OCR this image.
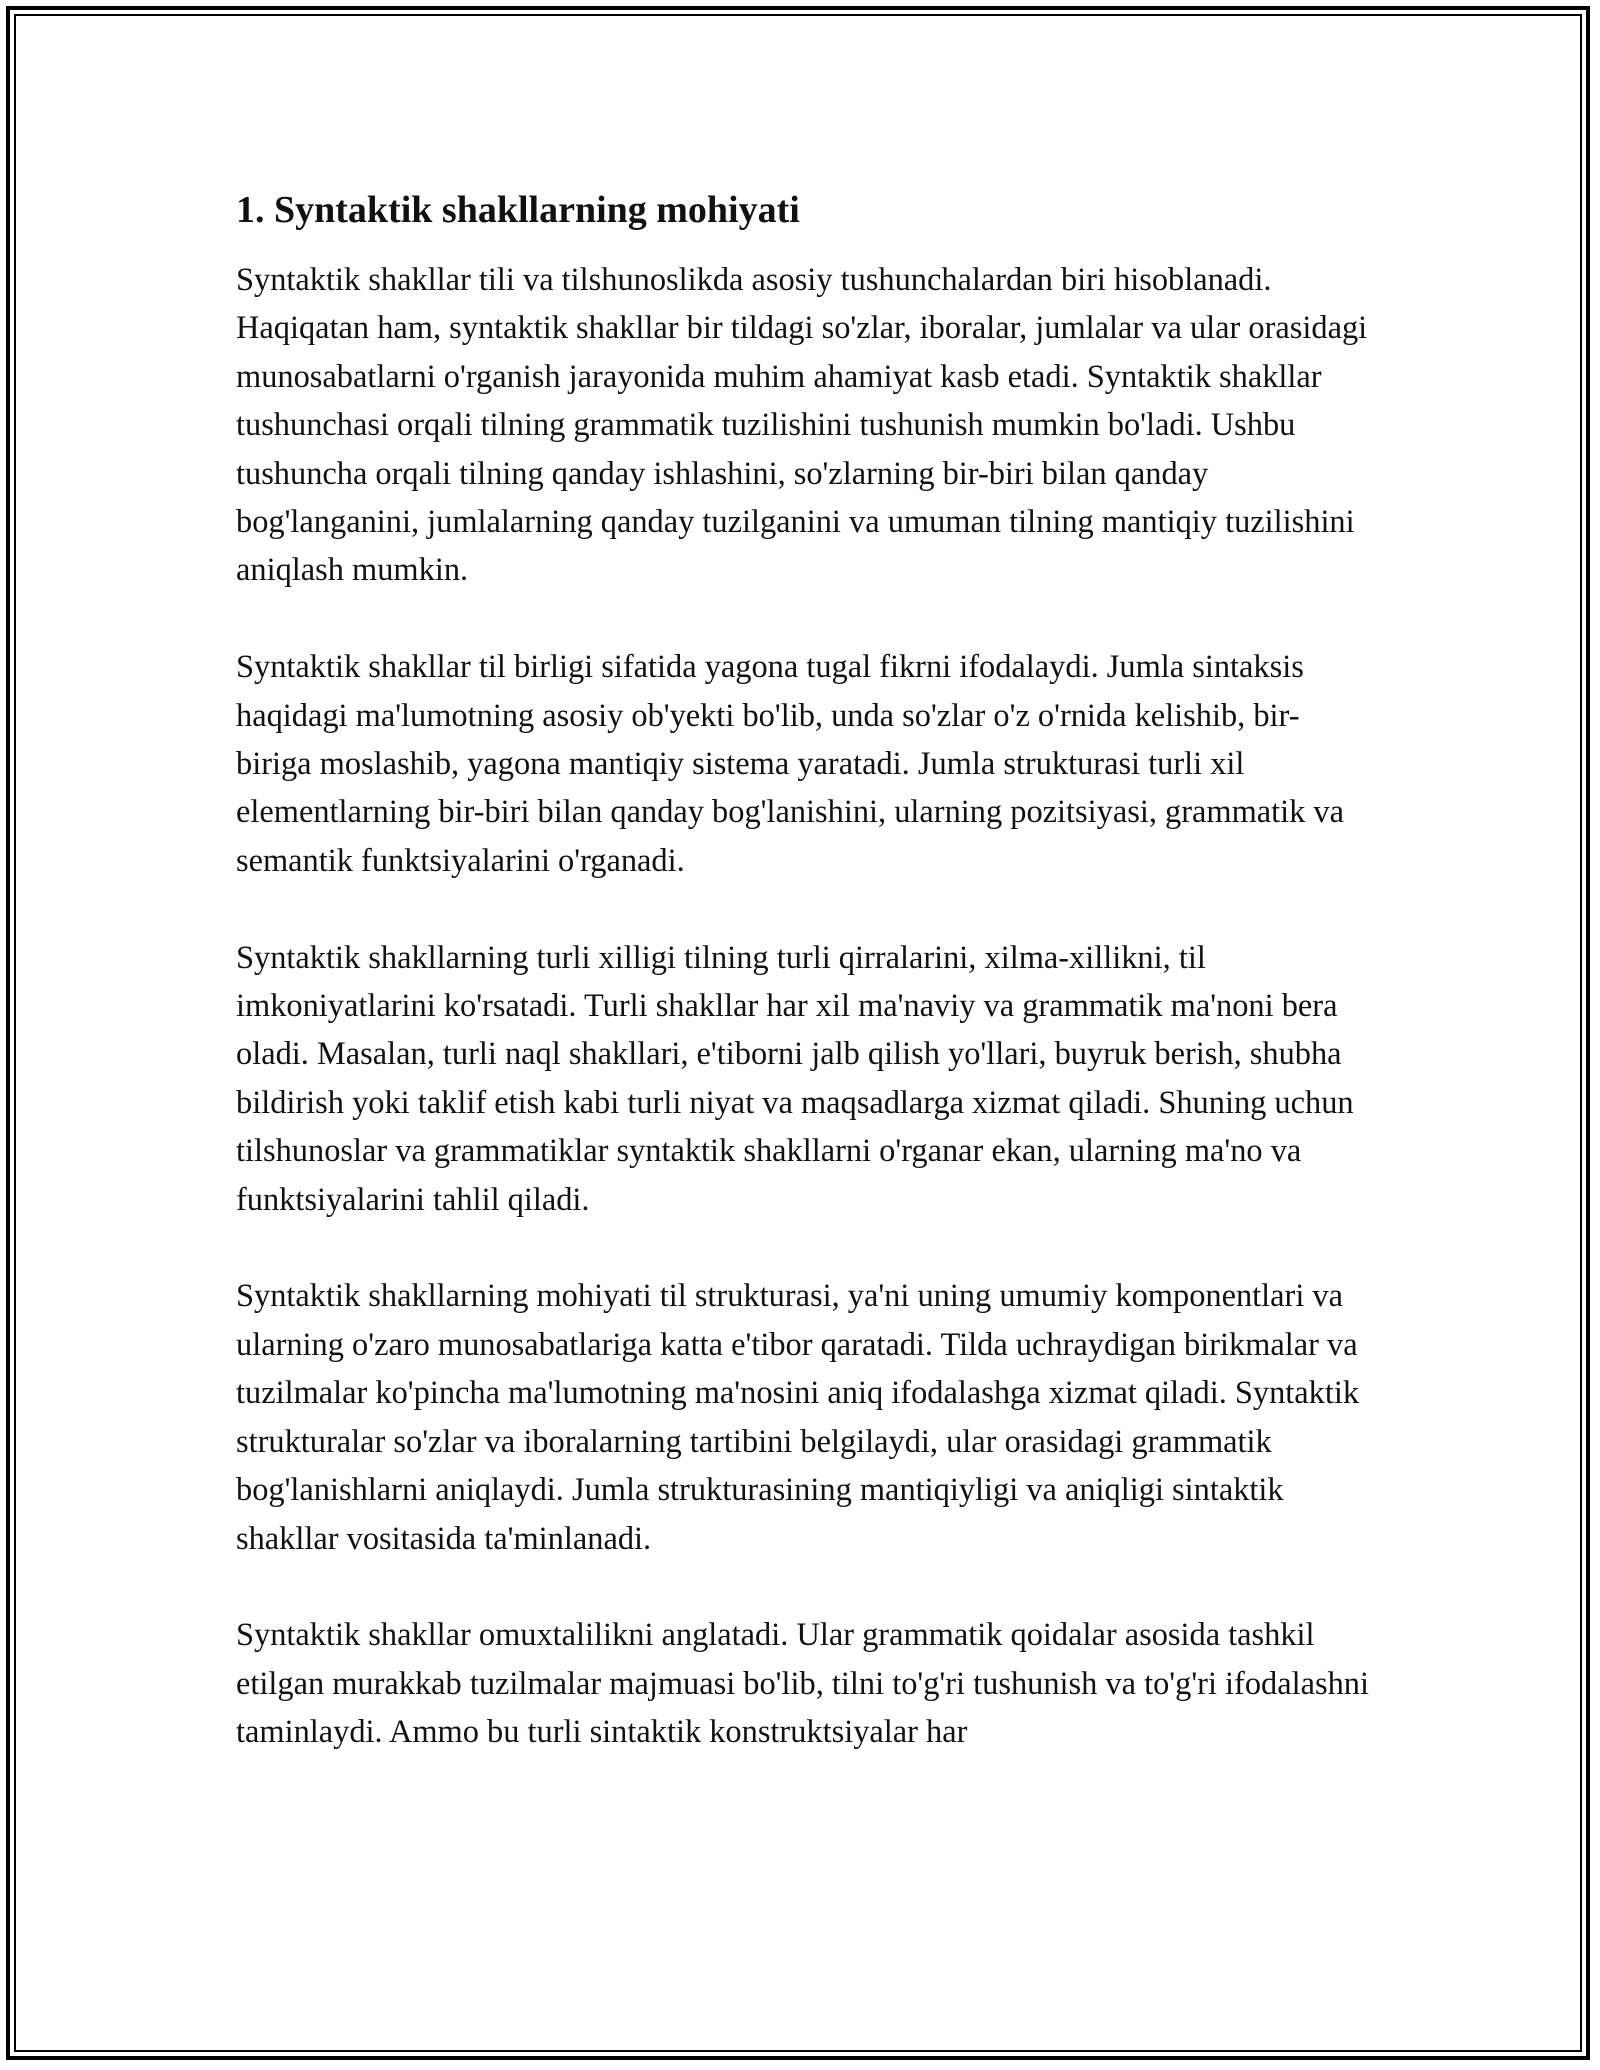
1. Syntaktik shakllarning mohiyati

Syntaktik shakllar tili va tilshunoslikda asosiy tushunchalardan biri hisoblanadi. Haqiqatan ham, syntaktik shakllar bir tildagi so'zlar, iboralar, jumlalar va ular orasidagi munosabatlarni o'rganish jarayonida muhim ahamiyat kasb etadi. Syntaktik shakllar tushunchasi orqali tilning grammatik tuzilishini tushunish mumkin bo'ladi. Ushbu tushuncha orqali tilning qanday ishlashini, so'zlarning bir-biri bilan qanday bog'langanini, jumlalarning qanday tuzilganini va umuman tilning mantiqiy tuzilishini aniqlash mumkin.

Syntaktik shakllar til birligi sifatida yagona tugal fikrni ifodalaydi. Jumla sintaksis haqidagi ma'lumotning asosiy ob'yekti bo'lib, unda so'zlar o'z o'rnida kelishib, bir-biriga moslashib, yagona mantiqiy sistema yaratadi. Jumla strukturasi turli xil elementlarning bir-biri bilan qanday bog'lanishini, ularning pozitsiyasi, grammatik va semantik funktsiyalarini o'rganadi.

Syntaktik shakllarning turli xilligi tilning turli qirralarini, xilma-xillikni, til imkoniyatlarini ko'rsatadi. Turli shakllar har xil ma'naviy va grammatik ma'noni bera oladi. Masalan, turli naql shakllari, e'tiborni jalb qilish yo'llari, buyruk berish, shubha bildirish yoki taklif etish kabi turli niyat va maqsadlarga xizmat qiladi. Shuning uchun tilshunoslar va grammatiklar syntaktik shakllarni o'rganar ekan, ularning ma'no va funktsiyalarini tahlil qiladi.

Syntaktik shakllarning mohiyati til strukturasi, ya'ni uning umumiy komponentlari va ularning o'zaro munosabatlariga katta e'tibor qaratadi. Tilda uchraydigan birikmalar va tuzilmalar ko'pincha ma'lumotning ma'nosini aniq ifodalashga xizmat qiladi. Syntaktik strukturalar so'zlar va iboralarning tartibini belgilaydi, ular orasidagi grammatik bog'lanishlarni aniqlaydi. Jumla strukturasining mantiqiyligi va aniqligi sintaktik shakllar vositasida ta'minlanadi.

Syntaktik shakllar omuxtalilikni anglatadi. Ular grammatik qoidalar asosida tashkil etilgan murakkab tuzilmalar majmuasi bo'lib, tilni to'g'ri tushunish va to'g'ri ifodalashni taminlaydi. Ammo bu turli sintaktik konstruktsiyalar har
